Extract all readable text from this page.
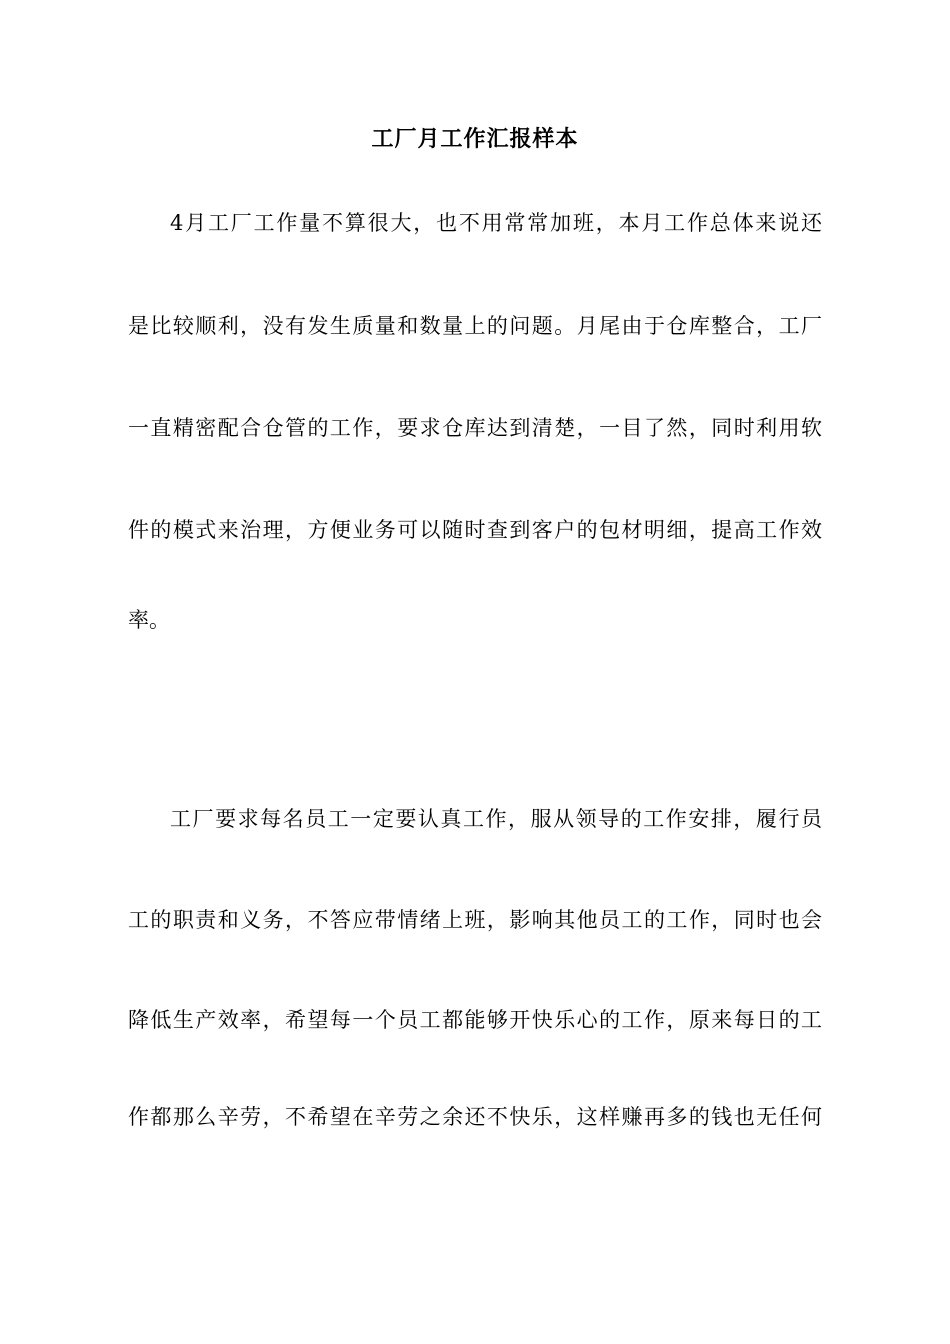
工厂月工作汇报样本
4月工厂工作量不算很大，也不用常常加班，本月工作总体来说还
是比较顺利，没有发生质量和数量上的问题。月尾由于仓库整合，工厂
一直精密配合仓管的工作，要求仓库达到清楚，一目了然，同时利用软
件的模式来治理，方便业务可以随时查到客户的包材明细，提高工作效
率。
工厂要求每名员工一定要认真工作，服从领导的工作安排，履行员
工的职责和义务，不答应带情绪上班，影响其他员工的工作，同时也会
降低生产效率，希望每一个员工都能够开快乐心的工作，原来每日的工
作都那么辛劳，不希望在辛劳之余还不快乐，这样赚再多的钱也无任何
